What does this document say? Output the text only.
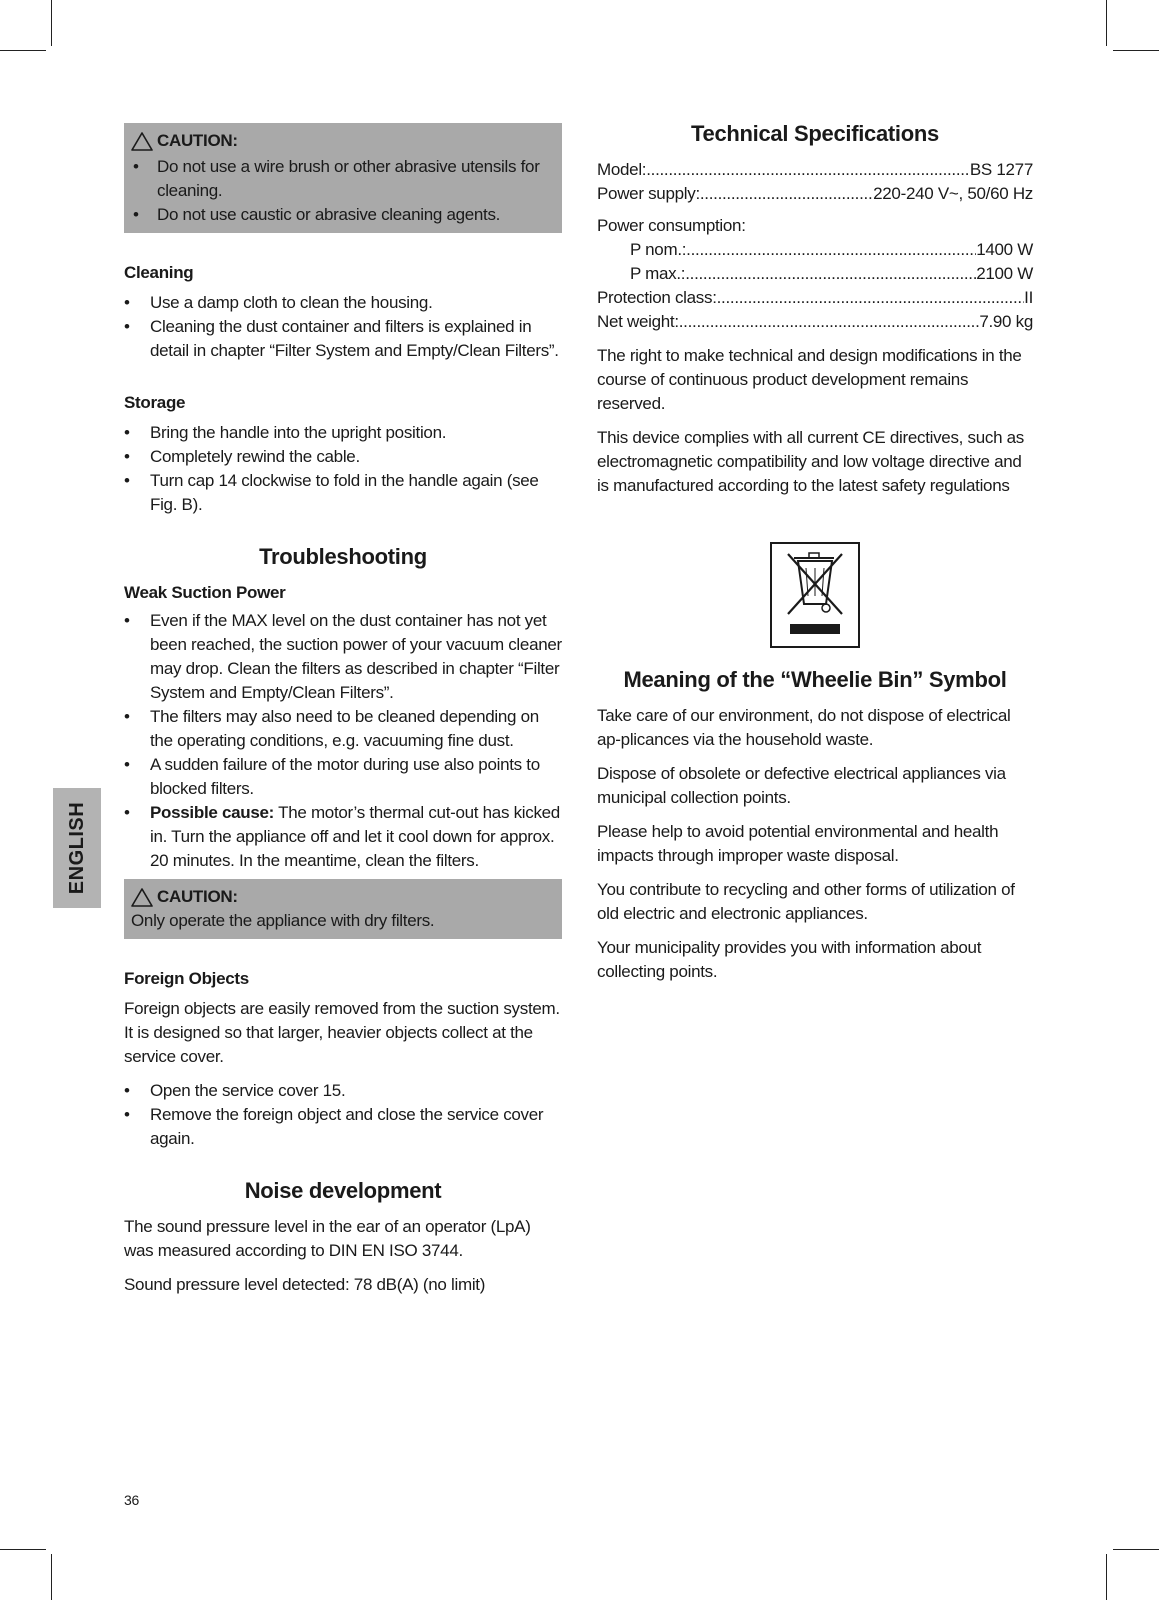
ENGLISH
CAUTION:
• Do not use a wire brush or other abrasive utensils for cleaning.
• Do not use caustic or abrasive cleaning agents.
Cleaning
• Use a damp cloth to clean the housing.
• Cleaning the dust container and filters is explained in detail in chapter “Filter System and Empty/Clean Filters”.
Storage
• Bring the handle into the upright position.
• Completely rewind the cable.
• Turn cap 14 clockwise to fold in the handle again (see Fig. B).
Troubleshooting
Weak Suction Power
• Even if the MAX level on the dust container has not yet been reached, the suction power of your vacuum cleaner may drop. Clean the filters as described in chapter “Filter System and Empty/Clean Filters”.
• The filters may also need to be cleaned depending on the operating conditions, e.g. vacuuming fine dust.
• A sudden failure of the motor during use also points to blocked filters.
• Possible cause: The motor’s thermal cut-out has kicked in. Turn the appliance off and let it cool down for approx. 20 minutes. In the meantime, clean the filters.
CAUTION:
Only operate the appliance with dry filters.
Foreign Objects
Foreign objects are easily removed from the suction system. It is designed so that larger, heavier objects collect at the service cover.
• Open the service cover 15.
• Remove the foreign object and close the service cover again.
Noise development
The sound pressure level in the ear of an operator (LpA) was measured according to DIN EN ISO 3744.
Sound pressure level detected: 78 dB(A) (no limit)
Technical Specifications
Model: .....	BS 1277
Power supply: .....	220-240 V~, 50/60 Hz
Power consumption:
P nom.: .....	1400 W
P max.: .....	2100 W
Protection class: .....	II
Net weight: .....	7.90 kg
The right to make technical and design modifications in the course of continuous product development remains reserved.
This device complies with all current CE directives, such as electromagnetic compatibility and low voltage directive and is manufactured according to the latest safety regulations
Meaning of the “Wheelie Bin” Symbol
Take care of our environment, do not dispose of electrical ap-plicances via the household waste.
Dispose of obsolete or defective electrical appliances via municipal collection points.
Please help to avoid potential environmental and health impacts through improper waste disposal.
You contribute to recycling and other forms of utilization of old electric and electronic appliances.
Your municipality provides you with information about collecting points.
36
